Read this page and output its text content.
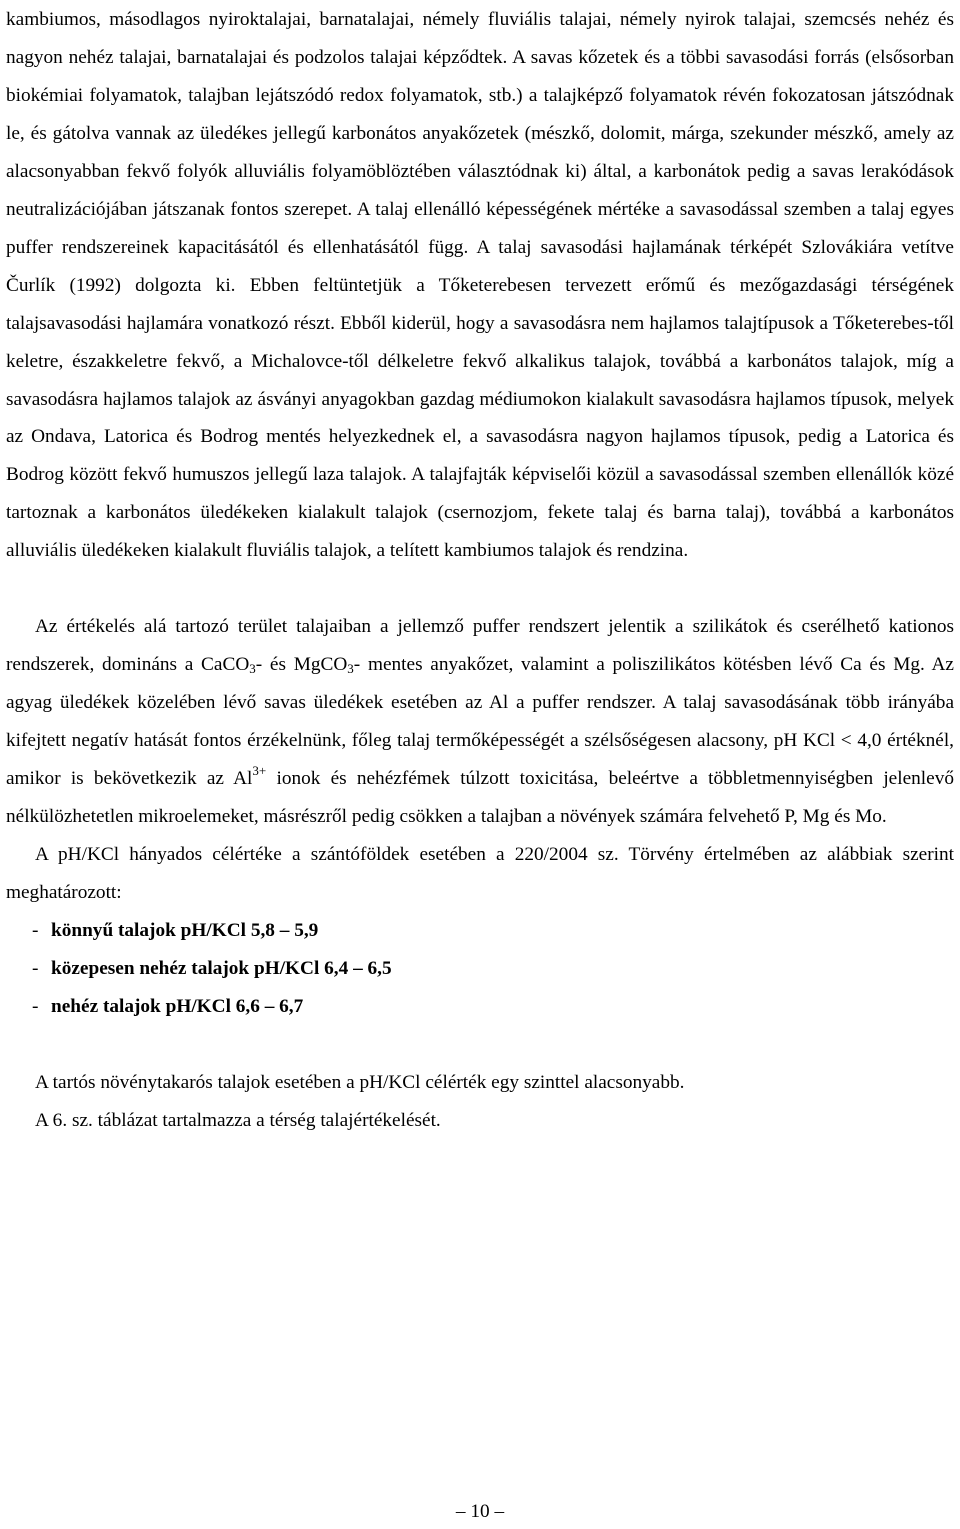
kambiumos, másodlagos nyiroktalajai, barnatalajai, némely fluviális talajai, némely nyirok talajai, szemcsés nehéz és nagyon nehéz talajai, barnatalajai és podzolos talajai képződtek. A savas kőzetek és a többi savasodási forrás (elsősorban biokémiai folyamatok, talajban lejátszódó redox folyamatok, stb.) a talajképző folyamatok révén fokozatosan játszódnak le, és gátolva vannak az üledékes jellegű karbonátos anyakőzetek (mészkő, dolomit, márga, szekunder mészkő, amely az alacsonyabban fekvő folyók alluviális folyamöblöztében választódnak ki) által, a karbonátok pedig a savas lerakódások neutralizációjában játszanak fontos szerepet. A talaj ellenálló képességének mértéke a savasodással szemben a talaj egyes puffer rendszereinek kapacitásától és ellenhatásától függ. A talaj savasodási hajlamának térképét Szlovákiára vetítve Čurlík (1992) dolgozta ki. Ebben feltüntetjük a Tőketerebesen tervezett erőmű és mezőgazdasági térségének talajsavasodási hajlamára vonatkozó részt. Ebből kiderül, hogy a savasodásra nem hajlamos talajtípusok a Tőketerebes-től keletre, északkeletre fekvő, a Michalovce-től délkeletre fekvő alkalikus talajok, továbbá a karbonátos talajok, míg a savasodásra hajlamos talajok az ásványi anyagokban gazdag médiumokon kialakult savasodásra hajlamos típusok, melyek az Ondava, Latorica és Bodrog mentés helyezkednek el, a savasodásra nagyon hajlamos típusok, pedig a Latorica és Bodrog között fekvő humuszos jellegű laza talajok. A talajfajták képviselői közül a savasodással szemben ellenállók közé tartoznak a karbonátos üledékeken kialakult talajok (csernozjom, fekete talaj és barna talaj), továbbá a karbonátos alluviális üledékeken kialakult fluviális talajok, a telített kambiumos talajok és rendzina.

Az értékelés alá tartozó terület talajaiban a jellemző puffer rendszert jelentik a szilikátok és cserélhető kationos rendszerek, domináns a CaCO$_3$- és MgCO$_3$- mentes anyakőzet, valamint a poliszilikátos kötésben lévő Ca és Mg. Az agyag üledékek közelében lévő savas üledékek esetében az Al a puffer rendszer. A talaj savasodásának több irányába kifejtett negatív hatását fontos érzékelnünk, főleg talaj termőképességét a szélsőségesen alacsony, pH KCl < 4,0 értéknél, amikor is bekövetkezik az $Al^{3+}$ ionok és nehézfémek túlzott toxicitása, beleértve a többletmennyiségben jelenlevő nélkülözhetetlen mikroelemeket, másrészről pedig csökken a talajban a növények számára felvehető P, Mg és Mo.

A pH/KCl hányados célértéke a szántóföldek esetében a 220/2004 sz. Törvény értelmében az alábbiak szerint meghatározott:

- könnyű talajok pH/KCl 5,8 – 5,9
- közepesen nehéz talajok pH/KCl 6,4 – 6,5
- nehéz talajok pH/KCl 6,6 – 6,7

A tartós növénytakarós talajok esetében a pH/KCl célérték egy szinttel alacsonyabb.

A 6. sz. táblázat tartalmazza a térség talajértékelését.

– 10 –
